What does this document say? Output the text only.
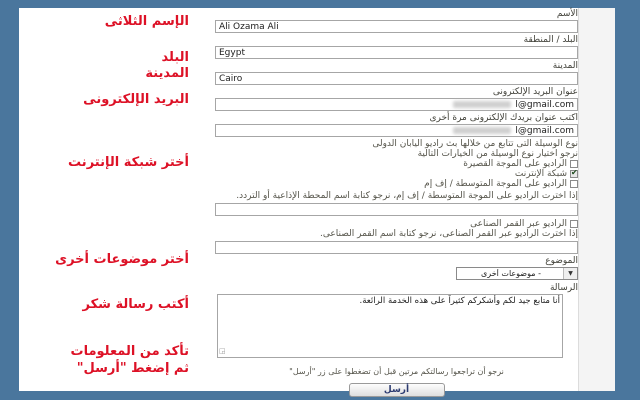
الإسم الثلاثى
البلد
المدينة
البريد الإلكترونى
أختر شبكة الإنترنت
أختر موضوعات أخرى
أكتب رسالة شكر
تأكد من المعلومات
ثم إضغط "أرسل"
الأسم
Ali Ozama Ali
البلد / المنطقة
Egypt
المدينة
Cairo
عنوان البريد الإلكترونى
l@gmail.com
اكتب عنوان بريدك الإلكترونى مرة أخرى
l@gmail.com
نوع الوسيلة التى تتابع من خلالها بث راديو اليابان الدولى
نرجو اختيار نوع الوسيلة من الخيارات التالية
الراديو على الموجة القصيرة
شبكة الإنترنت
الراديو على الموجة المتوسطة / إف إم
إذا اخترت الراديو على الموجة المتوسطة / إف إم، نرجو كتابة اسم المحطة الإذاعية أو التردد.
الراديو عبر القمر الصناعى
إذا اخترت الراديو عبر القمر الصناعى، نرجو كتابة اسم القمر الصناعى.
الموضوع
▼
- موضوعات أخرى
الرسالة
أنا متابع جيد لكم وأشكركم كثيراً على هذه الخدمة الرائعة.
◲
نرجو أن تراجعوا رسالتكم مرتين قبل أن تضغطوا على زر "أرسل"
أرسل
